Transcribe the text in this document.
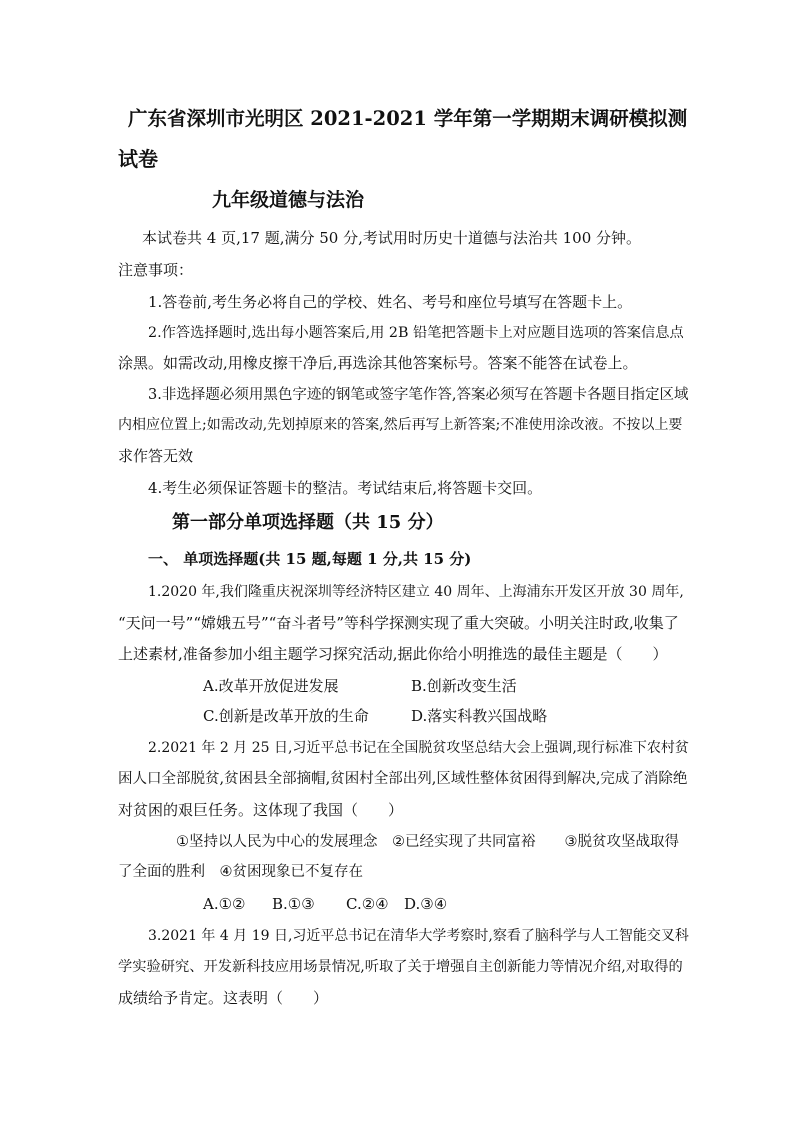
广东省深圳市光明区 2021-2021 学年第一学期期末调研模拟测
试卷
九年级道德与法治
本试卷共 4 页,17 题,满分 50 分,考试用时历史十道德与法治共 100 分钟。
注意事项：
1.答卷前,考生务必将自己的学校、姓名、考号和座位号填写在答题卡上。
2.作答选择题时,选出每小题答案后,用 2B 铅笔把答题卡上对应题目选项的答案信息点
涂黑。如需改动,用橡皮擦干净后,再选涂其他答案标号。答案不能答在试卷上。
3.非选择题必须用黑色字迹的钢笔或签字笔作答,答案必须写在答题卡各题目指定区域
内相应位置上;如需改动,先划掉原来的答案,然后再写上新答案;不准使用涂改液。不按以上要
求作答无效
4.考生必须保证答题卡的整洁。考试结束后,将答题卡交回。
第一部分单项选择题（共 15 分）
一、 单项选择题(共 15 题,每题 1 分,共 15 分)
1.2020 年,我们隆重庆祝深圳等经济特区建立 40 周年、上海浦东开发区开放 30 周年,
“天问一号”“嫦娥五号”“奋斗者号”等科学探测实现了重大突破。小明关注时政,收集了
上述素材,准备参加小组主题学习探究活动,据此你给小明推选的最佳主题是（　　）
A.改革开放促进发展	B.创新改变生活
C.创新是改革开放的生命	D.落实科教兴国战略
2.2021 年 2 月 25 日,习近平总书记在全国脱贫攻坚总结大会上强调,现行标准下农村贫
困人口全部脱贫,贫困县全部摘帽,贫困村全部出列,区域性整体贫困得到解决,完成了消除绝
对贫困的艰巨任务。这体现了我国（　　）
①坚持以人民为中心的发展理念　②已经实现了共同富裕　　③脱贫攻坚战取得
了全面的胜利　④贫困现象已不复存在
A.①② B.①③ C.②④ D.③④
3.2021 年 4 月 19 日,习近平总书记在清华大学考察时,察看了脑科学与人工智能交叉科
学实验研究、开发新科技应用场景情况,听取了关于增强自主创新能力等情况介绍,对取得的
成绩给予肯定。这表明（　　）
